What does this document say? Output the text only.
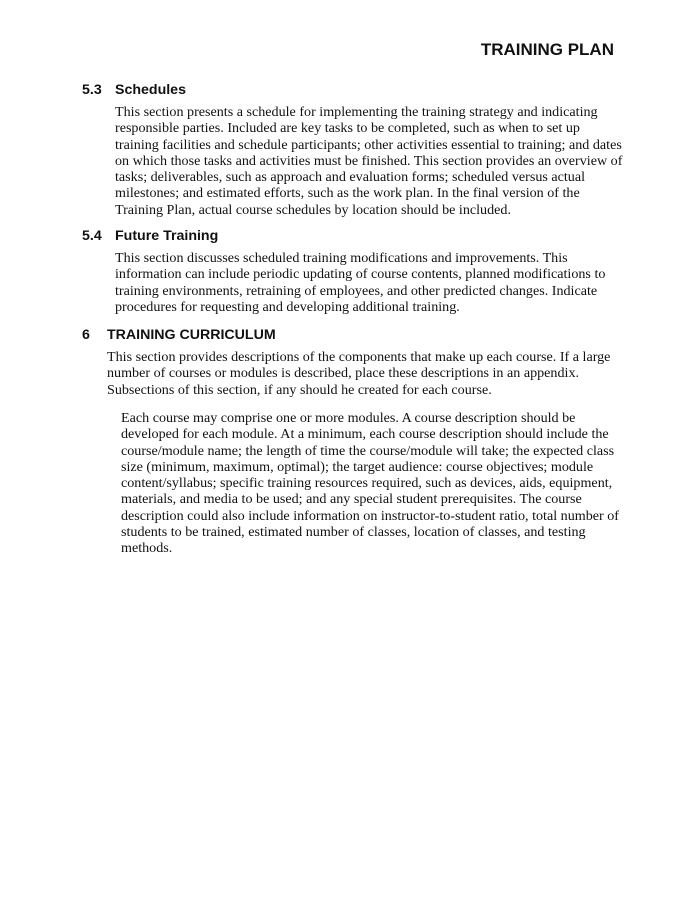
TRAINING PLAN
5.3 Schedules
This section presents a schedule for implementing the training strategy and indicating
responsible parties. Included are key tasks to be completed, such as when to set up
training facilities and schedule participants; other activities essential to training; and dates
on which those tasks and activities must be finished. This section provides an overview of
tasks; deliverables, such as approach and evaluation forms; scheduled versus actual
milestones; and estimated efforts, such as the work plan. In the final version of the
Training Plan, actual course schedules by location should be included.
5.4 Future Training
This section discusses scheduled training modifications and improvements. This
information can include periodic updating of course contents, planned modifications to
training environments, retraining of employees, and other predicted changes. Indicate
procedures for requesting and developing additional training.
6	TRAINING CURRICULUM
This section provides descriptions of the components that make up each course. If a large
number of courses or modules is described, place these descriptions in an appendix.
Subsections of this section, if any should he created for each course.
Each course may comprise one or more modules. A course description should be
developed for each module. At a minimum, each course description should include the
course/module name; the length of time the course/module will take; the expected class
size (minimum, maximum, optimal); the target audience: course objectives; module
content/syllabus; specific training resources required, such as devices, aids, equipment,
materials, and media to be used; and any special student prerequisites. The course
description could also include information on instructor-to-student ratio, total number of
students to be trained, estimated number of classes, location of classes, and testing
methods.
